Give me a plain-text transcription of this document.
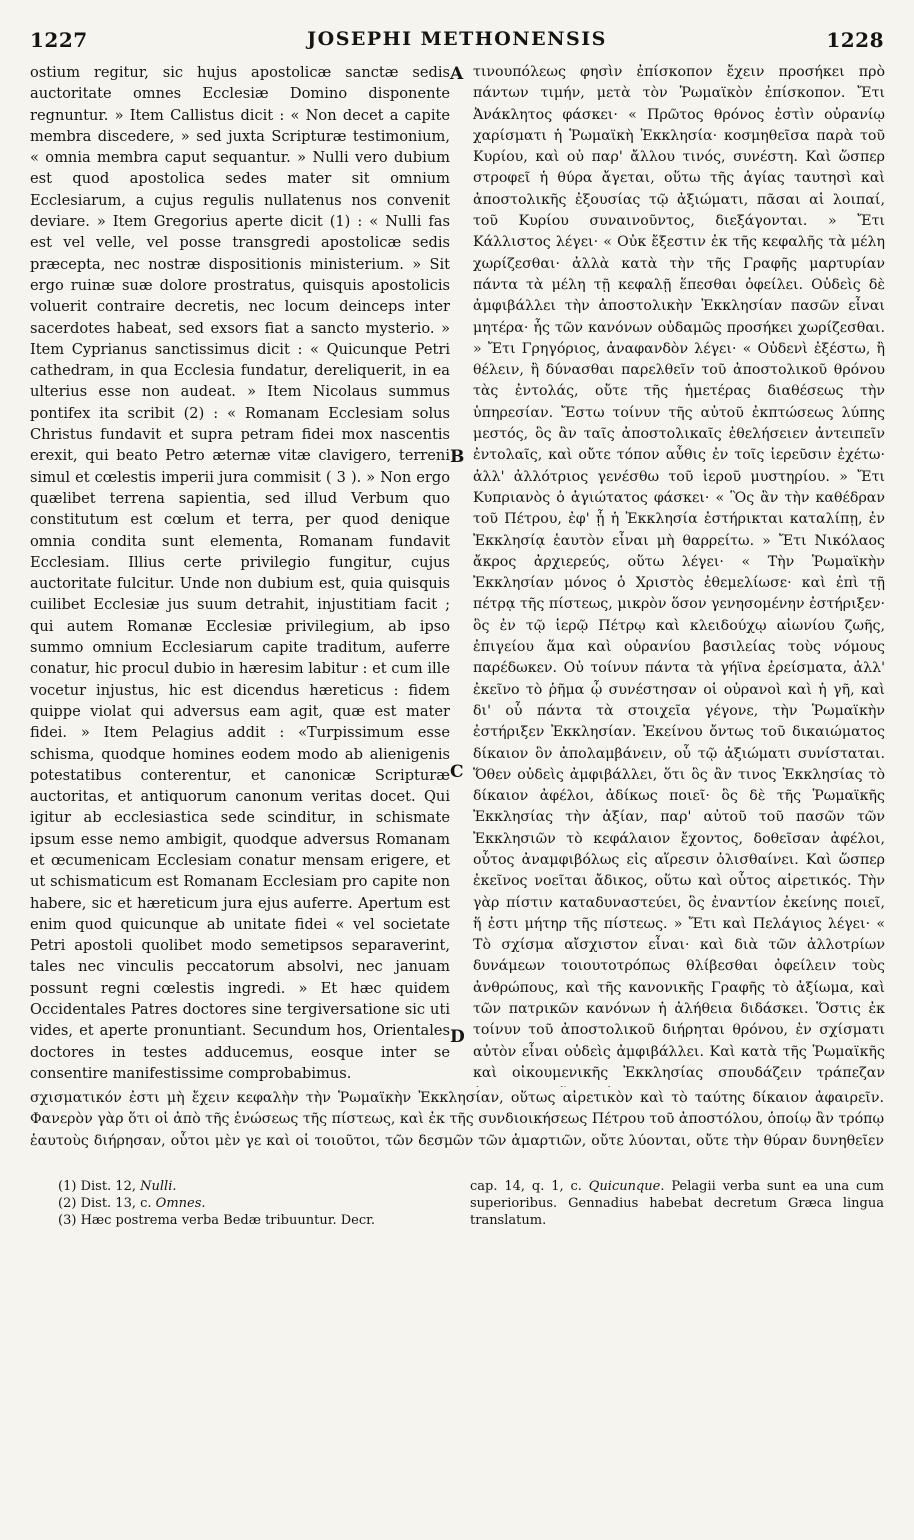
1227	JOSEPHI METHONENSIS	1228

ostium regitur, sic hujus apostolicæ sanctæ sedis auctoritate omnes Ecclesiæ Domino disponente regnuntur. » Item Callistus dicit : « Non decet a capite membra discedere, » sed juxta Scripturæ testimonium, « omnia membra caput sequantur. » Nulli vero dubium est quod apostolica sedes mater sit omnium Ecclesiarum, a cujus regulis nullatenus nos convenit deviare. » Item Gregorius aperte dicit (1) : « Nulli fas est vel velle, vel posse transgredi apostolicæ sedis præcepta, nec nostræ dispositionis ministerium. » Sit ergo ruinæ suæ dolore prostratus, quisquis apostolicis voluerit contraire decretis, nec locum deinceps inter sacerdotes habeat, sed exsors fiat a sancto mysterio. » Item Cyprianus sanctissimus dicit : « Quicunque Petri cathedram, in qua Ecclesia fundatur, dereliquerit, in ea ulterius esse non audeat. » Item Nicolaus summus pontifex ita scribit (2) : « Romanam Ecclesiam solus Christus fundavit et supra petram fidei mox nascentis erexit, qui beato Petro æternæ vitæ clavigero, terreni simul et cœlestis imperii jura commisit ( 3 ). » Non ergo quælibet terrena sapientia, sed illud Verbum quo constitutum est cœlum et terra, per quod denique omnia condita sunt elementa, Romanam fundavit Ecclesiam. Illius certe privilegio fungitur, cujus auctoritate fulcitur. Unde non dubium est, quia quisquis cuilibet Ecclesiæ jus suum detrahit, injustitiam facit ; qui autem Romanæ Ecclesiæ privilegium, ab ipso summo omnium Ecclesiarum capite traditum, auferre conatur, hic procul dubio in hæresim labitur : et cum ille vocetur injustus, hic est dicendus hæreticus : fidem quippe violat qui adversus eam agit, quæ est mater fidei. » Item Pelagius addit : «Turpissimum esse schisma, quodque homines eodem modo ab alienigenis potestatibus conterentur, et canonicæ Scripturæ auctoritas, et antiquorum canonum veritas docet. Qui igitur ab ecclesiastica sede scinditur, in schismate ipsum esse nemo ambigit, quodque adversus Romanam et œcumenicam Ecclesiam conatur mensam erigere, et ut schismaticum est Romanam Ecclesiam pro capite non habere, sic et hæreticum jura ejus auferre. Apertum est enim quod quicunque ab unitate fidei « vel societate Petri apostoli quolibet modo semetipsos separaverint, tales nec vinculis peccatorum absolvi, nec januam possunt regni cœlestis ingredi. » Et hæc quidem Occidentales Patres doctores sine tergiversatione sic uti vides, et aperte pronuntiant. Secundum hos, Orientales doctores in testes adducemus, eosque inter se consentire manifestissime comprobabimus.

A
B
C
D

τινουπόλεως φησὶν ἐπίσκοπον ἔχειν προσήκει πρὸ πάντων τιμήν, μετὰ τὸν Ῥωμαϊκὸν ἐπίσκοπον. Ἔτι Ἀνάκλητος φάσκει· « Πρῶτος θρόνος ἐστὶν οὐρανίῳ χαρίσματι ἡ Ῥωμαϊκὴ Ἐκκλησία· κοσμηθεῖσα παρὰ τοῦ Κυρίου, καὶ οὐ παρ' ἄλλου τινός, συνέστη. Καὶ ὥσπερ στροφεῖ ἡ θύρα ἄγεται, οὕτω τῆς ἁγίας ταυτησὶ καὶ ἀποστολικῆς ἐξουσίας τῷ ἀξιώματι, πᾶσαι αἱ λοιπαί, τοῦ Κυρίου συναινοῦντος, διεξάγονται. » Ἔτι Κάλλιστος λέγει· « Οὐκ ἔξεστιν ἐκ τῆς κεφαλῆς τὰ μέλη χωρίζεσθαι· ἀλλὰ κατὰ τὴν τῆς Γραφῆς μαρτυρίαν πάντα τὰ μέλη τῇ κεφαλῇ ἕπεσθαι ὀφείλει. Οὐδεὶς δὲ ἀμφιβάλλει τὴν ἀποστολικὴν Ἐκκλησίαν πασῶν εἶναι μητέρα· ἧς τῶν κανόνων οὐδαμῶς προσήκει χωρίζεσθαι. » Ἔτι Γρηγόριος, ἀναφανδὸν λέγει· « Οὐδενὶ ἐξέστω, ἢ θέλειν, ἢ δύνασθαι παρελθεῖν τοῦ ἀποστολικοῦ θρόνου τὰς ἐντολάς, οὔτε τῆς ἡμετέρας διαθέσεως τὴν ὑπηρεσίαν. Ἔστω τοίνυν τῆς αὐτοῦ ἐκπτώσεως λύπης μεστός, ὃς ἂν ταῖς ἀποστολικαῖς ἐθελήσειεν ἀντειπεῖν ἐντολαῖς, καὶ οὔτε τόπον αὖθις ἐν τοῖς ἱερεῦσιν ἐχέτω· ἀλλ' ἀλλότριος γενέσθω τοῦ ἱεροῦ μυστηρίου. » Ἔτι Κυπριανὸς ὁ ἁγιώτατος φάσκει· « Ὃς ἂν τὴν καθέδραν τοῦ Πέτρου, ἐφ' ᾗ ἡ Ἐκκλησία ἐστήρικται καταλίπῃ, ἐν Ἐκκλησίᾳ ἑαυτὸν εἶναι μὴ θαρρείτω. » Ἔτι Νικόλαος ἄκρος ἀρχιερεύς, οὕτω λέγει· « Τὴν Ῥωμαϊκὴν Ἐκκλησίαν μόνος ὁ Χριστὸς ἐθεμελίωσε· καὶ ἐπὶ τῇ πέτρᾳ τῆς πίστεως, μικρὸν ὅσον γενησομένην ἐστήριξεν· ὃς ἐν τῷ ἱερῷ Πέτρῳ καὶ κλειδούχῳ αἰωνίου ζωῆς, ἐπιγείου ἅμα καὶ οὐρανίου βασιλείας τοὺς νόμους παρέδωκεν. Οὐ τοίνυν πάντα τὰ γήϊνα ἐρείσματα, ἀλλ' ἐκεῖνο τὸ ῥῆμα ᾧ συνέστησαν οἱ οὐρανοὶ καὶ ἡ γῆ, καὶ δι' οὗ πάντα τὰ στοιχεῖα γέγονε, τὴν Ῥωμαϊκὴν ἐστήριξεν Ἐκκλησίαν. Ἐκείνου ὄντως τοῦ δικαιώματος δίκαιον ὃν ἀπολαμβάνειν, οὗ τῷ ἀξιώματι συνίσταται. Ὅθεν οὐδεὶς ἀμφιβάλλει, ὅτι ὃς ἂν τινος Ἐκκλησίας τὸ δίκαιον ἀφέλοι, ἀδίκως ποιεῖ· ὃς δὲ τῆς Ῥωμαϊκῆς Ἐκκλησίας τὴν ἀξίαν, παρ' αὐτοῦ τοῦ πασῶν τῶν Ἐκκλησιῶν τὸ κεφάλαιον ἔχοντος, δοθεῖσαν ἀφέλοι, οὗτος ἀναμφιβόλως εἰς αἵρεσιν ὀλισθαίνει. Καὶ ὥσπερ ἐκεῖνος νοεῖται ἄδικος, οὕτω καὶ οὗτος αἱρετικός. Τὴν γὰρ πίστιν καταδυναστεύει, ὃς ἐναντίον ἐκείνης ποιεῖ, ἥ ἐστι μήτηρ τῆς πίστεως. » Ἔτι καὶ Πελάγιος λέγει· « Τὸ σχίσμα αἴσχιστον εἶναι· καὶ διὰ τῶν ἀλλοτρίων δυνάμεων τοιουτοτρόπως θλίβεσθαι ὀφείλειν τοὺς ἀνθρώπους, καὶ τῆς κανονικῆς Γραφῆς τὸ ἀξίωμα, καὶ τῶν πατρικῶν κανόνων ἡ ἀλήθεια διδάσκει. Ὅστις ἐκ τοίνυν τοῦ ἀποστολικοῦ διήρηται θρόνου, ἐν σχίσματι αὐτὸν εἶναι οὐδεὶς ἀμφιβάλλει. Καὶ κατὰ τῆς Ῥωμαϊκῆς καὶ οἰκουμενικῆς Ἐκκλησίας σπουδάζειν τράπεζαν

σχισματικόν ἐστι μὴ ἔχειν κεφαλὴν τὴν Ῥωμαϊκὴν Ἐκκλησίαν, οὕτως αἱρετικὸν καὶ τὸ ταύτης δίκαιον ἀφαιρεῖν. Φανερὸν γὰρ ὅτι οἱ ἀπὸ τῆς ἑνώσεως τῆς πίστεως, καὶ ἐκ τῆς συνδιοικήσεως Πέτρου τοῦ ἀποστόλου, ὁποίῳ ἂν τρόπῳ ἑαυτοὺς διήρησαν, οὗτοι μὲν γε καὶ οἱ τοιοῦτοι, τῶν δεσμῶν τῶν ἁμαρτιῶν, οὔτε λύονται, οὔτε τὴν θύραν δυνηθεῖεν

(1) Dist. 12, Nulli.

(2) Dist. 13, c. Omnes.

(3) Hæc postrema verba Bedæ tribuuntur. Decr.

cap. 14, q. 1, c. Quicunque. Pelagii verba sunt ea una cum superioribus. Gennadius habebat decretum Græca lingua translatum.
